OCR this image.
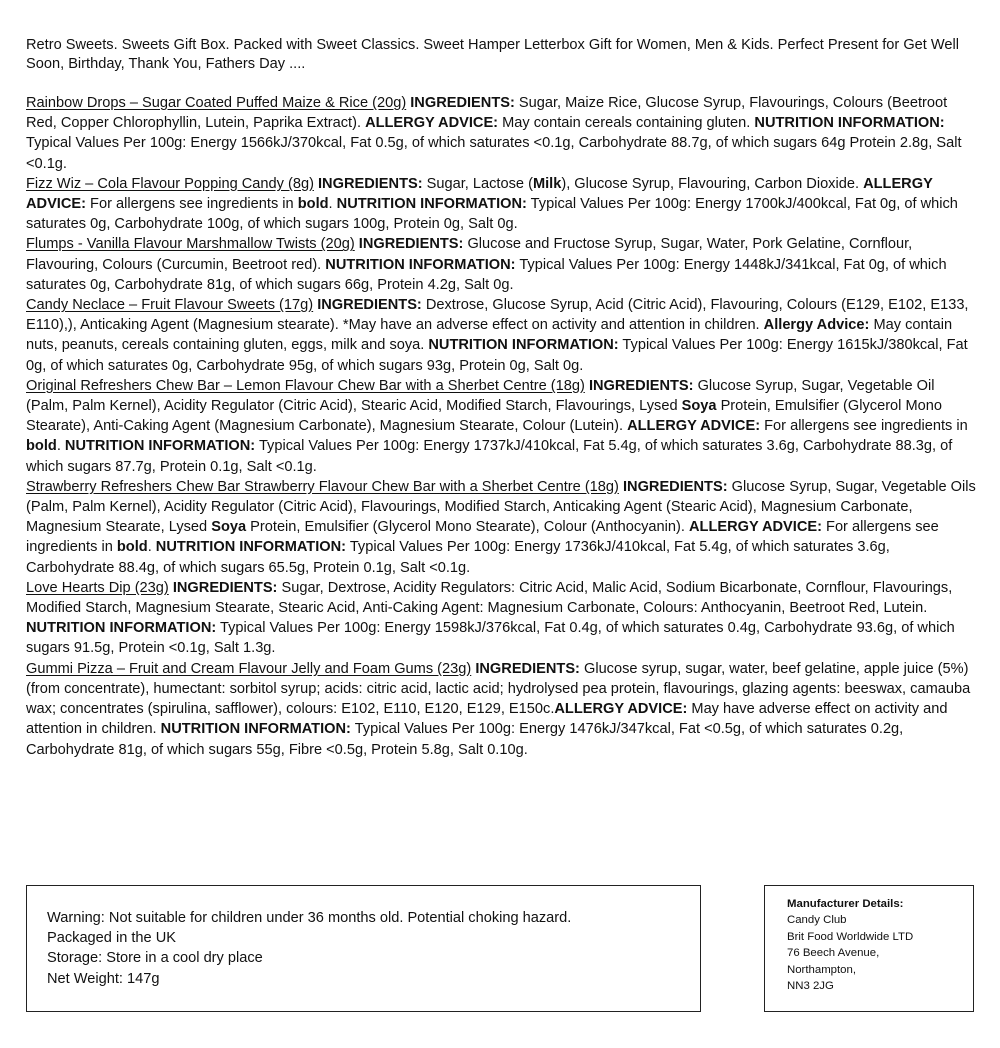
Retro Sweets. Sweets Gift Box. Packed with Sweet Classics. Sweet Hamper Letterbox Gift for Women, Men & Kids. Perfect Present for Get Well Soon, Birthday, Thank You, Fathers Day ....

Rainbow Drops – Sugar Coated Puffed Maize & Rice (20g) INGREDIENTS: Sugar, Maize Rice, Glucose Syrup, Flavourings, Colours (Beetroot Red, Copper Chlorophyllin, Lutein, Paprika Extract). ALLERGY ADVICE: May contain cereals containing gluten. NUTRITION INFORMATION: Typical Values Per 100g: Energy 1566kJ/370kcal, Fat 0.5g, of which saturates <0.1g, Carbohydrate 88.7g, of which sugars 64g Protein 2.8g, Salt <0.1g.

Fizz Wiz – Cola Flavour Popping Candy (8g) INGREDIENTS: Sugar, Lactose (Milk), Glucose Syrup, Flavouring, Carbon Dioxide. ALLERGY ADVICE: For allergens see ingredients in bold. NUTRITION INFORMATION: Typical Values Per 100g: Energy 1700kJ/400kcal, Fat 0g, of which saturates 0g, Carbohydrate 100g, of which sugars 100g, Protein 0g, Salt 0g.

Flumps - Vanilla Flavour Marshmallow Twists (20g) INGREDIENTS: Glucose and Fructose Syrup, Sugar, Water, Pork Gelatine, Cornflour, Flavouring, Colours (Curcumin, Beetroot red). NUTRITION INFORMATION: Typical Values Per 100g: Energy 1448kJ/341kcal, Fat 0g, of which saturates 0g, Carbohydrate 81g, of which sugars 66g, Protein 4.2g, Salt 0g.

Candy Neclace – Fruit Flavour Sweets (17g) INGREDIENTS: Dextrose, Glucose Syrup, Acid (Citric Acid), Flavouring, Colours (E129, E102, E133, E110),), Anticaking Agent (Magnesium stearate). *May have an adverse effect on activity and attention in children. Allergy Advice: May contain nuts, peanuts, cereals containing gluten, eggs, milk and soya. NUTRITION INFORMATION: Typical Values Per 100g: Energy 1615kJ/380kcal, Fat 0g, of which saturates 0g, Carbohydrate 95g, of which sugars 93g, Protein 0g, Salt 0g.

Original Refreshers Chew Bar – Lemon Flavour Chew Bar with a Sherbet Centre (18g) INGREDIENTS: Glucose Syrup, Sugar, Vegetable Oil (Palm, Palm Kernel), Acidity Regulator (Citric Acid), Stearic Acid, Modified Starch, Flavourings, Lysed Soya Protein, Emulsifier (Glycerol Mono Stearate), Anti-Caking Agent (Magnesium Carbonate), Magnesium Stearate, Colour (Lutein). ALLERGY ADVICE: For allergens see ingredients in bold. NUTRITION INFORMATION: Typical Values Per 100g: Energy 1737kJ/410kcal, Fat 5.4g, of which saturates 3.6g, Carbohydrate 88.3g, of which sugars 87.7g, Protein 0.1g, Salt <0.1g.

Strawberry Refreshers Chew Bar Strawberry Flavour Chew Bar with a Sherbet Centre (18g) INGREDIENTS: Glucose Syrup, Sugar, Vegetable Oils (Palm, Palm Kernel), Acidity Regulator (Citric Acid), Flavourings, Modified Starch, Anticaking Agent (Stearic Acid), Magnesium Carbonate, Magnesium Stearate, Lysed Soya Protein, Emulsifier (Glycerol Mono Stearate), Colour (Anthocyanin). ALLERGY ADVICE: For allergens see ingredients in bold. NUTRITION INFORMATION: Typical Values Per 100g: Energy 1736kJ/410kcal, Fat 5.4g, of which saturates 3.6g, Carbohydrate 88.4g, of which sugars 65.5g, Protein 0.1g, Salt <0.1g.

Love Hearts Dip (23g) INGREDIENTS: Sugar, Dextrose, Acidity Regulators: Citric Acid, Malic Acid, Sodium Bicarbonate, Cornflour, Flavourings, Modified Starch, Magnesium Stearate, Stearic Acid, Anti-Caking Agent: Magnesium Carbonate, Colours: Anthocyanin, Beetroot Red, Lutein. NUTRITION INFORMATION: Typical Values Per 100g: Energy 1598kJ/376kcal, Fat 0.4g, of which saturates 0.4g, Carbohydrate 93.6g, of which sugars 91.5g, Protein <0.1g, Salt 1.3g.

Gummi Pizza – Fruit and Cream Flavour Jelly and Foam Gums (23g) INGREDIENTS: Glucose syrup, sugar, water, beef gelatine, apple juice (5%) (from concentrate), humectant: sorbitol syrup; acids: citric acid, lactic acid; hydrolysed pea protein, flavourings, glazing agents: beeswax, camauba wax; concentrates (spirulina, safflower), colours: E102, E110, E120, E129, E150c.ALLERGY ADVICE: May have adverse effect on activity and attention in children. NUTRITION INFORMATION: Typical Values Per 100g: Energy 1476kJ/347kcal, Fat <0.5g, of which saturates 0.2g, Carbohydrate 81g, of which sugars 55g, Fibre <0.5g, Protein 5.8g, Salt 0.10g.

Warning: Not suitable for children under 36 months old. Potential choking hazard.
Packaged in the UK
Storage: Store in a cool dry place
Net Weight: 147g
Manufacturer Details:
Candy Club
Brit Food Worldwide LTD
76 Beech Avenue,
Northampton,
NN3 2JG
